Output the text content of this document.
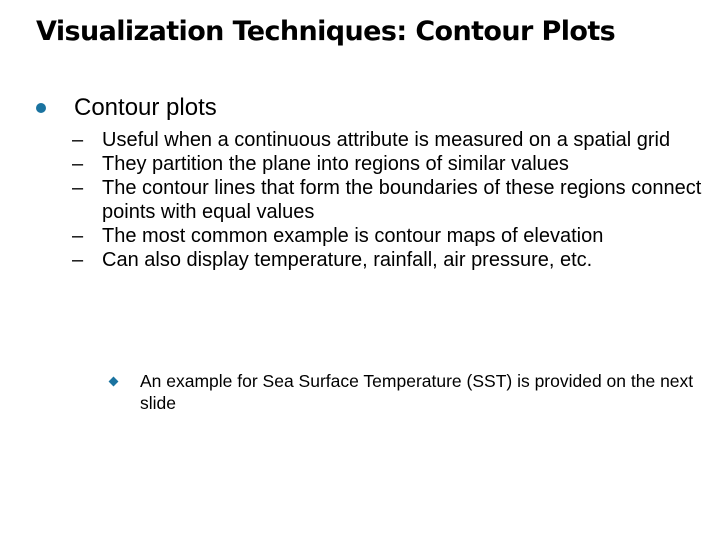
Visualization Techniques: Contour Plots
Contour plots
– Useful when a continuous attribute is measured on a spatial grid
– They partition the plane into regions of similar values
– The contour lines that form the boundaries of these regions connect points with equal values
– The most common example is contour maps of elevation
– Can also display temperature, rainfall, air pressure, etc.
An example for Sea Surface Temperature (SST) is provided on the next slide
